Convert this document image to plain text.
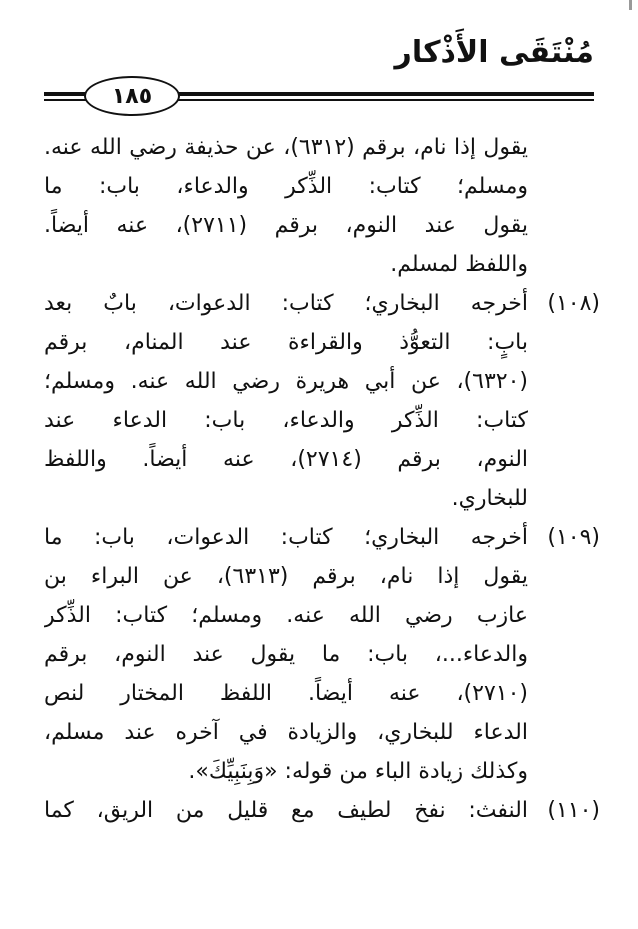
مُنْتَقَى الأَذْكار
١٨٥
يقول إذا نام، برقم (٦٣١٢)، عن حذيفة رضي الله عنه.
ومسلم؛ كتاب: الذِّكر والدعاء، باب: ما
يقول عند النوم، برقم (٢٧١١)، عنه أيضاً.
واللفظ لمسلم.
(١٠٨)
أخرجه البخاري؛ كتاب: الدعوات، بابٌ بعد
بابٍ: التعوُّذ والقراءة عند المنام، برقم
(٦٣٢٠)، عن أبي هريرة رضي الله عنه. ومسلم؛
كتاب: الذِّكر والدعاء، باب: الدعاء عند
النوم، برقم (٢٧١٤)، عنه أيضاً. واللفظ
للبخاري.
(١٠٩)
أخرجه البخاري؛ كتاب: الدعوات، باب: ما
يقول إذا نام، برقم (٦٣١٣)، عن البراء بن
عازب رضي الله عنه. ومسلم؛ كتاب: الذِّكر
والدعاء...، باب: ما يقول عند النوم، برقم
(٢٧١٠)، عنه أيضاً. اللفظ المختار لنص
الدعاء للبخاري، والزيادة في آخره عند مسلم،
وكذلك زيادة الباء من قوله: «وَبِنَبِيِّكَ».
(١١٠)
النفث: نفخ لطيف مع قليل من الريق، كما
